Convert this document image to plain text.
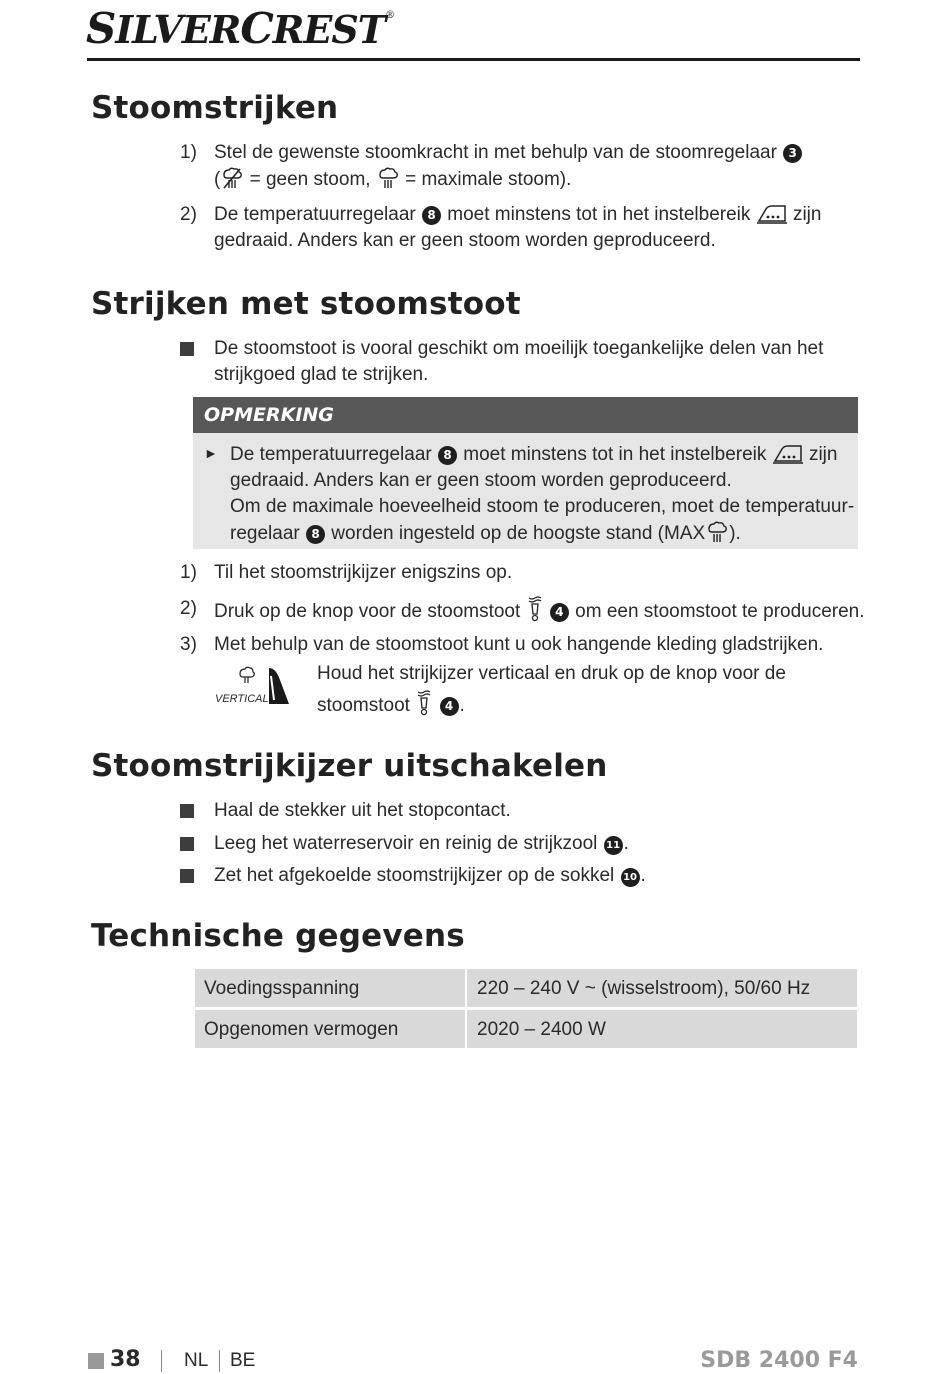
SILVERCREST®
Stoomstrijken
1) Stel de gewenste stoomkracht in met behulp van de stoomregelaar 3
( = geen stoom,  = maximale stoom).
2) De temperatuurregelaar 8 moet minstens tot in het instelbereik zijn
gedraaid. Anders kan er geen stoom worden geproduceerd.
Strijken met stoomstoot
De stoomstoot is vooral geschikt om moeilijk toegankelijke delen van het
strijkgoed glad te strijken.
OPMERKING
► De temperatuurregelaar 8 moet minstens tot in het instelbereik zijn
gedraaid. Anders kan er geen stoom worden geproduceerd.
Om de maximale hoeveelheid stoom te produceren, moet de temperatuur-
regelaar 8 worden ingesteld op de hoogste stand (MAX ).
1) Til het stoomstrijkijzer enigszins op.
2) Druk op de knop voor de stoomstoot	4 om een stoomstoot te produceren.
3) Met behulp van de stoomstoot kunt u ook hangende kleding gladstrijken.
VERTICAL
Houd het strijkijzer verticaal en druk op de knop voor de
stoomstoot	4 .
Stoomstrijkijzer uitschakelen
Haal de stekker uit het stopcontact.
Leeg het waterreservoir en reinig de strijkzool 11 .
Zet het afgekoelde stoomstrijkijzer op de sokkel 10 .
Technische gegevens
Voedingsspanning	220 – 240 V ~ (wisselstroom), 50/60 Hz
Opgenomen vermogen	2020 – 2400 W
38 NL BE	SDB 2400 F4
